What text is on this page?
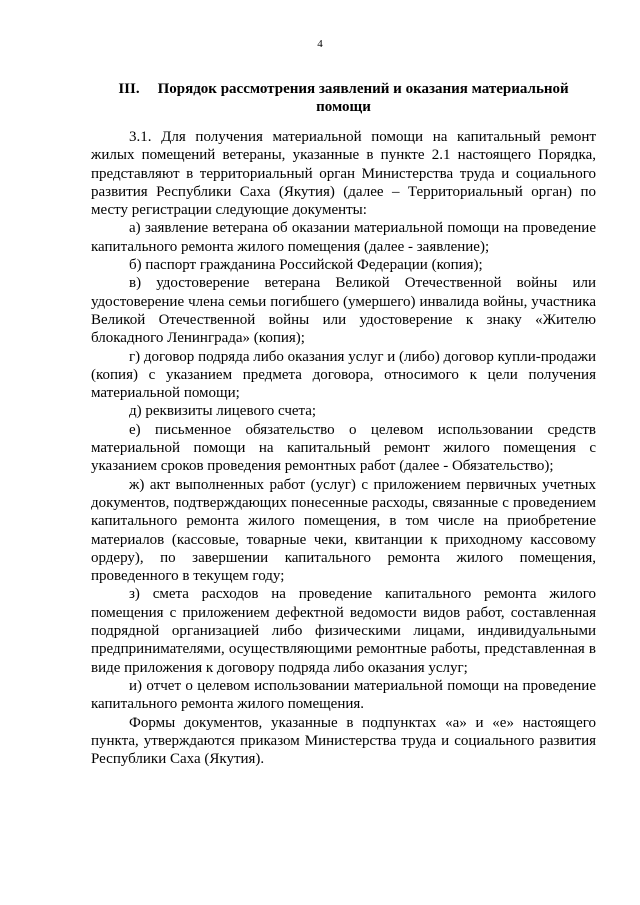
4
III. Порядок рассмотрения заявлений и оказания материальной помощи

3.1. Для получения материальной помощи на капитальный ремонт жилых помещений ветераны, указанные в пункте 2.1 настоящего Порядка, представляют в территориальный орган Министерства труда и социального развития Республики Саха (Якутия) (далее – Территориальный орган) по месту регистрации следующие документы:

а) заявление ветерана об оказании материальной помощи на проведение капитального ремонта жилого помещения (далее - заявление);

б) паспорт гражданина Российской Федерации (копия);

в) удостоверение ветерана Великой Отечественной войны или удостоверение члена семьи погибшего (умершего) инвалида войны, участника Великой Отечественной войны или удостоверение к знаку «Жителю блокадного Ленинграда» (копия);

г) договор подряда либо оказания услуг и (либо) договор купли-продажи (копия) с указанием предмета договора, относимого к цели получения материальной помощи;

д) реквизиты лицевого счета;

е) письменное обязательство о целевом использовании средств материальной помощи на капитальный ремонт жилого помещения с указанием сроков проведения ремонтных работ (далее - Обязательство);

ж) акт выполненных работ (услуг) с приложением первичных учетных документов, подтверждающих понесенные расходы, связанные с проведением капитального ремонта жилого помещения, в том числе на приобретение материалов (кассовые, товарные чеки, квитанции к приходному кассовому ордеру), по завершении капитального ремонта жилого помещения, проведенного в текущем году;

з) смета расходов на проведение капитального ремонта жилого помещения с приложением дефектной ведомости видов работ, составленная подрядной организацией либо физическими лицами, индивидуальными предпринимателями, осуществляющими ремонтные работы, представленная в виде приложения к договору подряда либо оказания услуг;

и) отчет о целевом использовании материальной помощи на проведение капитального ремонта жилого помещения.

Формы документов, указанные в подпунктах «а» и «е» настоящего пункта, утверждаются приказом Министерства труда и социального развития Республики Саха (Якутия).
